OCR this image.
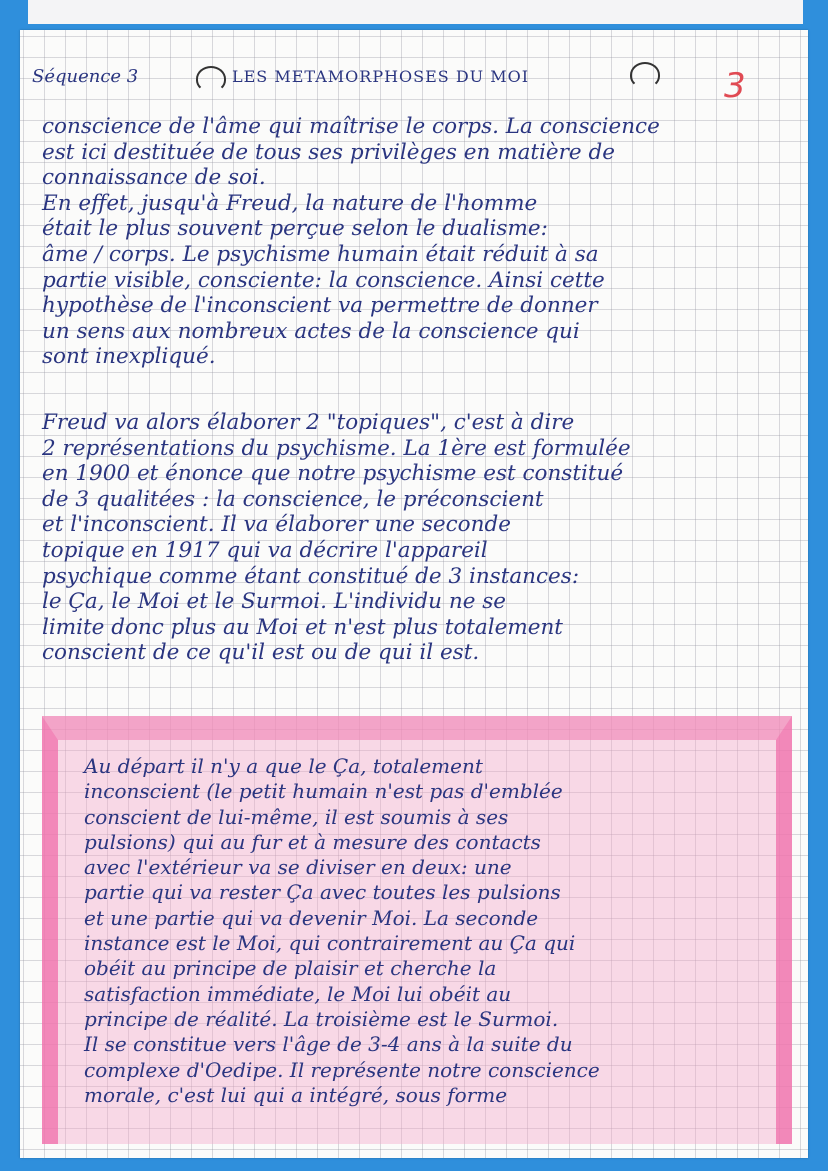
Séquence 3	LES METAMORPHOSES DU MOI	3

conscience de l'âme qui maîtrise le corps. La conscience
est ici destituée de tous ses privilèges en matière de
connaissance de soi.
En effet, jusqu'à Freud, la nature de l'homme
était le plus souvent perçue selon le dualisme:
âme / corps. Le psychisme humain était réduit à sa
partie visible, consciente: la conscience. Ainsi cette
hypothèse de l'inconscient va permettre de donner
un sens aux nombreux actes de la conscience qui
sont inexpliqué.

Freud va alors élaborer 2 "topiques", c'est à dire
2 représentations du psychisme. La 1ère est formulée
en 1900 et énonce que notre psychisme est constitué
de 3 qualitées : la conscience, le préconscient
et l'inconscient. Il va élaborer une seconde
topique en 1917 qui va décrire l'appareil
psychique comme étant constitué de 3 instances:
le Ça, le Moi et le Surmoi. L'individu ne se
limite donc plus au Moi et n'est plus totalement
conscient de ce qu'il est ou de qui il est.

Au départ il n'y a que le Ça, totalement
inconscient (le petit humain n'est pas d'emblée
conscient de lui-même, il est soumis à ses
pulsions) qui au fur et à mesure des contacts
avec l'extérieur va se diviser en deux: une
partie qui va rester Ça avec toutes les pulsions
et une partie qui va devenir Moi. La seconde
instance est le Moi, qui contrairement au Ça qui
obéit au principe de plaisir et cherche la
satisfaction immédiate, le Moi lui obéit au
principe de réalité. La troisième est le Surmoi.
Il se constitue vers l'âge de 3-4 ans à la suite du
complexe d'Oedipe. Il représente notre conscience
morale, c'est lui qui a intégré, sous forme
